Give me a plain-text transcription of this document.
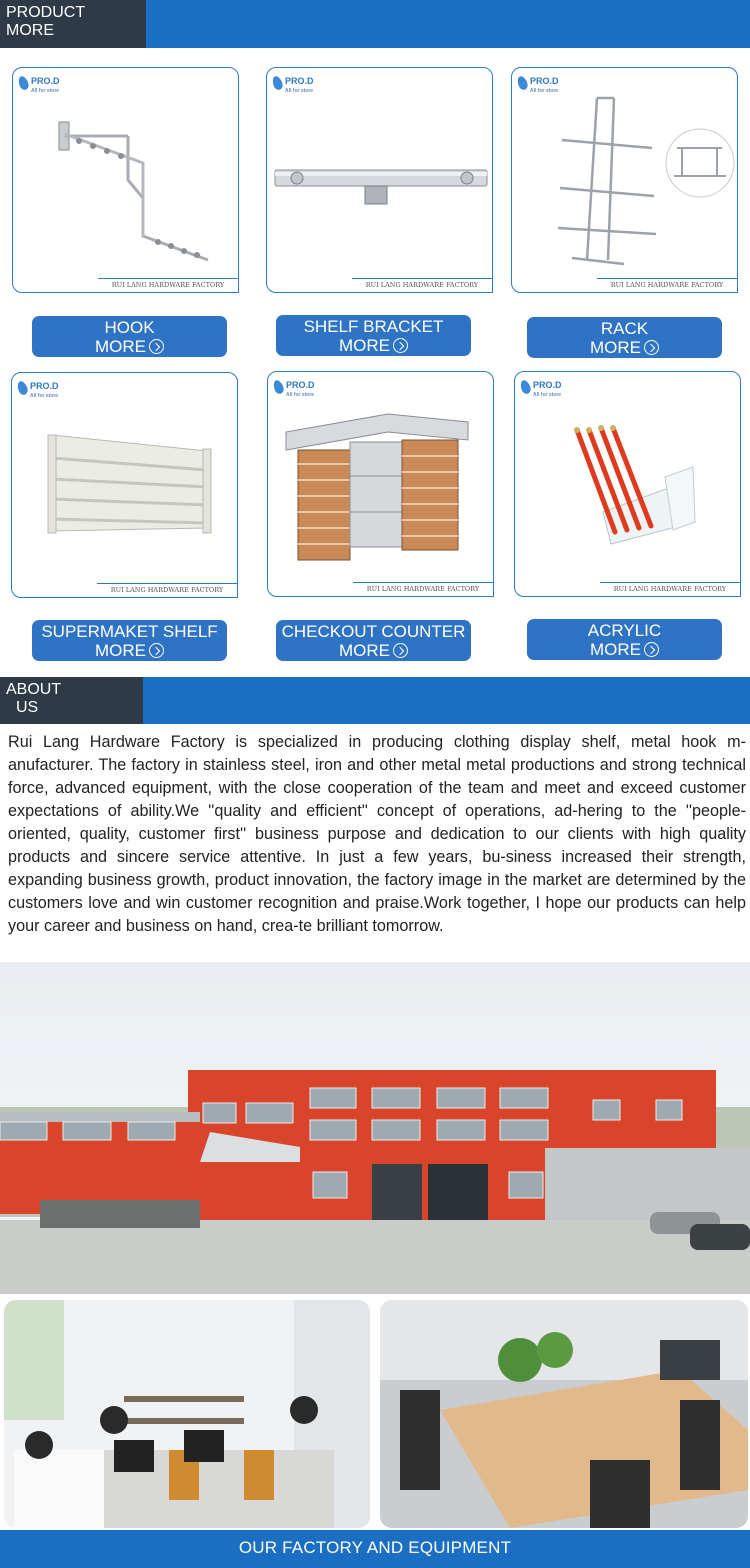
PRODUCT
MORE
PRO.D
All for store
RUI LANG HARDWARE FACTORY
PRO.D
All for store
RUI LANG HARDWARE FACTORY
PRO.D
All for store
RUI LANG HARDWARE FACTORY
HOOK
MORE
SHELF BRACKET
MORE
RACK
MORE
PRO.D
All for store
RUI LANG HARDWARE FACTORY
PRO.D
All for store
RUI LANG HARDWARE FACTORY
PRO.D
All for store
RUI LANG HARDWARE FACTORY
SUPERMAKET SHELF
MORE
CHECKOUT COUNTER
MORE
ACRYLIC
MORE
ABOUT
US
Rui Lang Hardware Factory is specialized in producing clothing display shelf, metal hook m-anufacturer. The factory in stainless steel, iron and other metal metal productions and strong technical force, advanced equipment, with the close cooperation of the team and meet and exceed customer expectations of ability.We ''quality and efficient'' concept of operations, ad-hering to the ''people-oriented, quality, customer first'' business purpose and dedication to our clients with high quality products and sincere service attentive. In just a few years, bu-siness increased their strength, expanding business growth, product innovation, the factory image in the market are determined by the customers love and win customer recognition and praise.Work together, I hope our products can help your career and business on hand, crea-te brilliant tomorrow.
OUR FACTORY AND EQUIPMENT
